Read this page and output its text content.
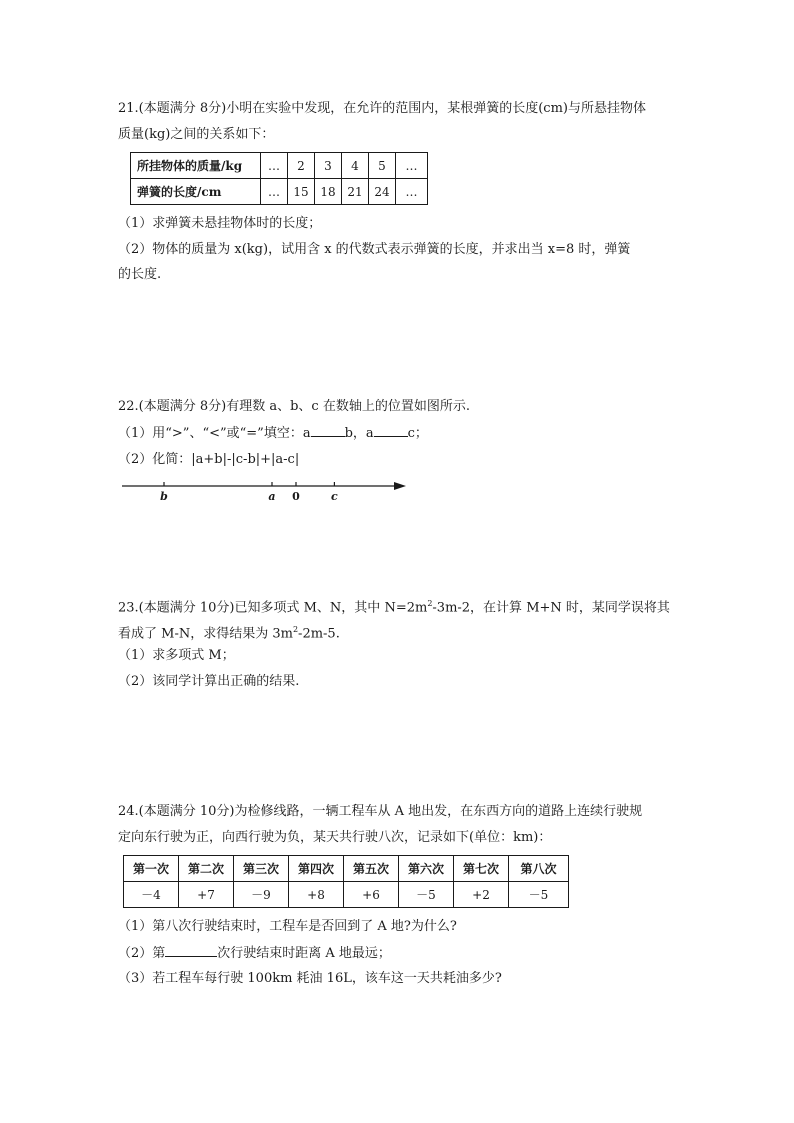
21.(本题满分 8分)小明在实验中发现，在允许的范围内，某根弹簧的长度(cm)与所悬挂物体
质量(kg)之间的关系如下：
所挂物体的质量/kg	…	2	3	4	5	…
弹簧的长度/cm	…	15	18	21	24	…
（1）求弹簧未悬挂物体时的长度；
（2）物体的质量为 x(kg)，试用含 x 的代数式表示弹簧的长度，并求出当 x=8 时，弹簧
的长度.
22.(本题满分 8分)有理数 a、b、c 在数轴上的位置如图所示.
（1）用“>”、“<”或“=”填空：a	b，a	c；
（2）化简：|a+b|-|c-b|+|a-c|
b	a 0	c
23.(本题满分 10分)已知多项式 M、N，其中 $N=2m^2-3m-2$，在计算 M+N 时，某同学误将其
看成了 M-N，求得结果为 $3m^2-2m-5$.
（1）求多项式 M；
（2）该同学计算出正确的结果.
24.(本题满分 10分)为检修线路，一辆工程车从 A 地出发，在东西方向的道路上连续行驶规
定向东行驶为正，向西行驶为负，某天共行驶八次，记录如下(单位：km)：
第一次	第二次	第三次	第四次	第五次	第六次	第七次	第八次
－4	+7	－9	+8	+6	－5	+2	－5
（1）第八次行驶结束时，工程车是否回到了 A 地?为什么?
（2）第	次行驶结束时距离 A 地最远；
（3）若工程车每行驶 100km 耗油 16L，该车这一天共耗油多少?
